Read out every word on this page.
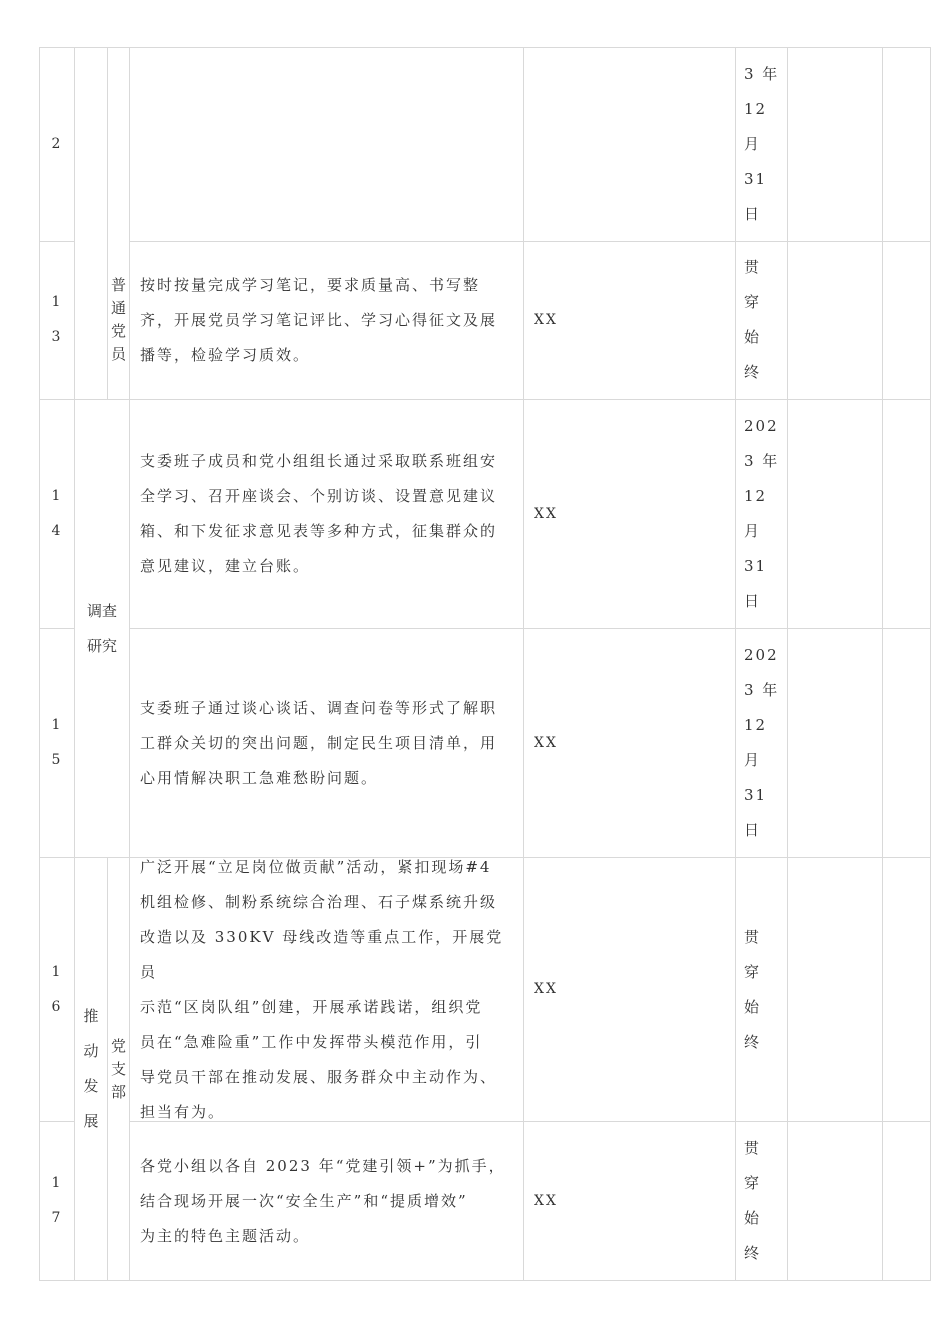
2
3 年
12
月
31
日
13
普通党员
按时按量完成学习笔记，要求质量高、书写整
齐，开展党员学习笔记评比、学习心得征文及展
播等，检验学习质效。
XX
贯
穿
始
终
调查研究
14
支委班子成员和党小组组长通过采取联系班组安
全学习、召开座谈会、个别访谈、设置意见建议
箱、和下发征求意见表等多种方式，征集群众的
意见建议，建立台账。
XX
202
3 年
12
月
31
日
15
支委班子通过谈心谈话、调查问卷等形式了解职
工群众关切的突出问题，制定民生项目清单，用
心用情解决职工急难愁盼问题。
XX
202
3 年
12
月
31
日
推动发展
党支部
16
广泛开展“立足岗位做贡献”活动，紧扣现场#4
机组检修、制粉系统综合治理、石子煤系统升级
改造以及 330KV 母线改造等重点工作，开展党员
示范“区岗队组”创建，开展承诺践诺，组织党
员在“急难险重”工作中发挥带头模范作用，引
导党员干部在推动发展、服务群众中主动作为、
担当有为。
XX
贯
穿
始
终
17
各党小组以各自 2023 年“党建引领+”为抓手，
结合现场开展一次“安全生产”和“提质增效”
为主的特色主题活动。
XX
贯
穿
始
终
